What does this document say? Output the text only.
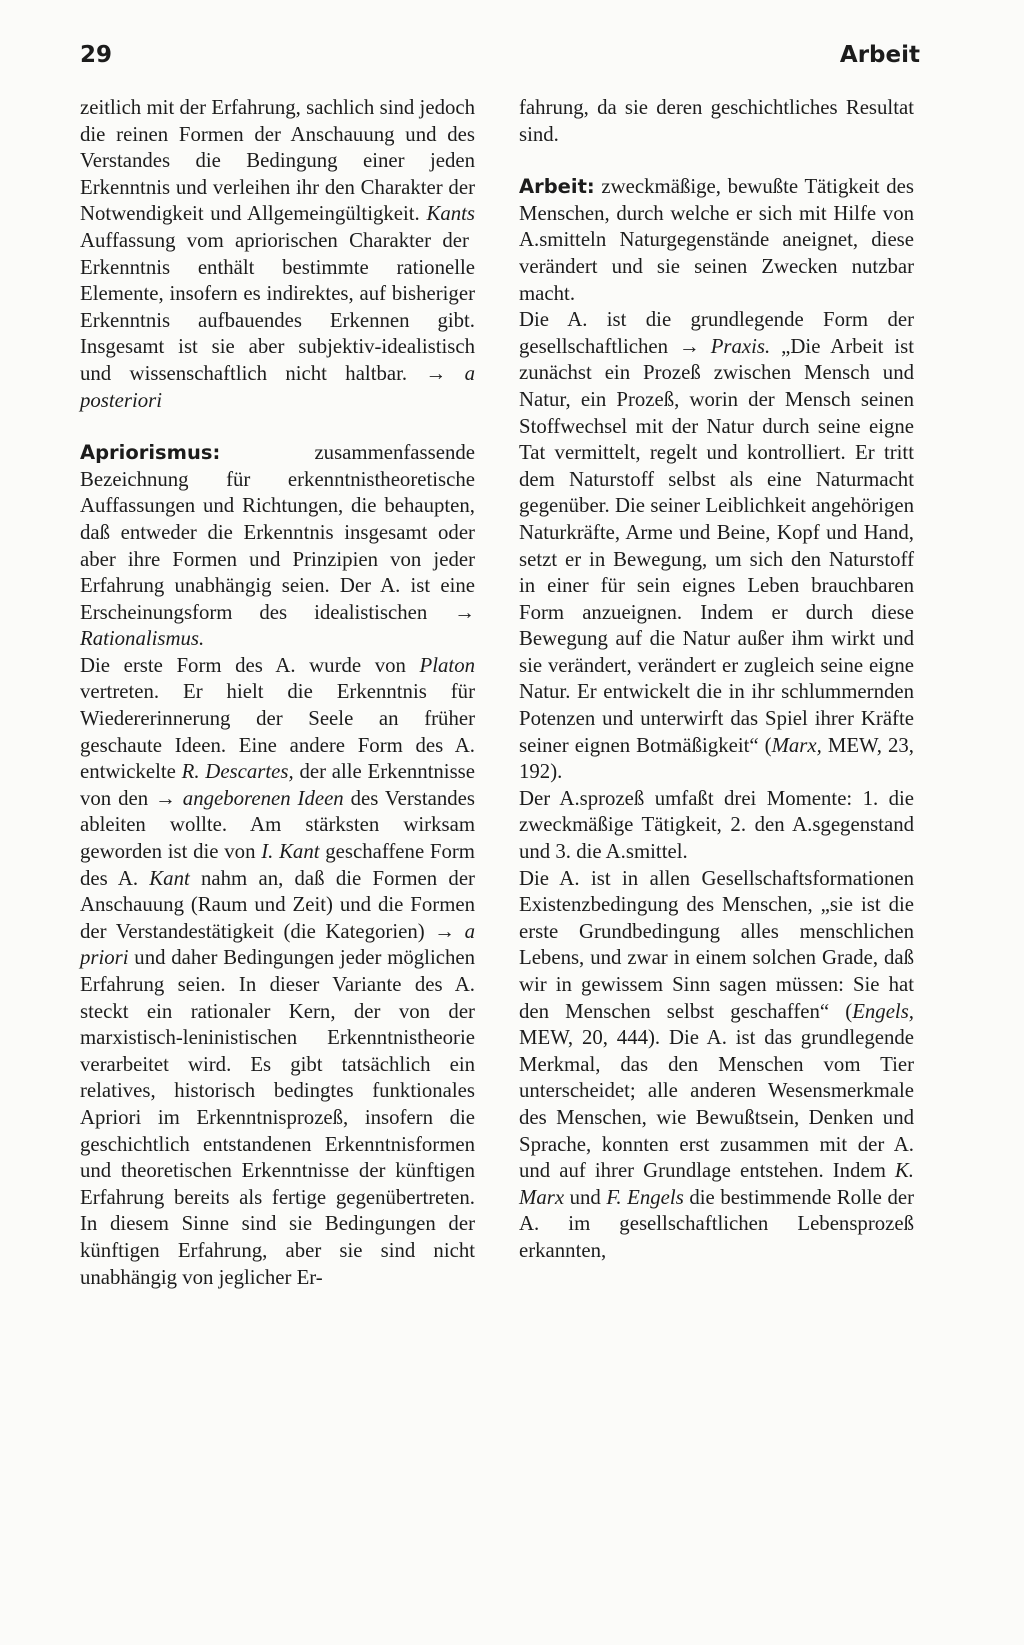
29	Arbeit

zeitlich mit der Erfahrung, sachlich sind jedoch die reinen Formen der Anschauung und des Verstandes die Bedingung einer jeden Erkenntnis und verleihen ihr den Charakter der Notwendigkeit und Allgemeingültigkeit. Kants Auffassung vom apriorischen Charakter der Erkenntnis enthält bestimmte rationelle Elemente, insofern es indirektes, auf bisheriger Erkenntnis aufbauendes Erkennen gibt. Insgesamt ist sie aber subjektiv-idealistisch und wissenschaftlich nicht haltbar. → a posteriori

Apriorismus: zusammenfassende Bezeichnung für erkenntnistheoretische Auffassungen und Richtungen, die behaupten, daß entweder die Erkenntnis insgesamt oder aber ihre Formen und Prinzipien von jeder Erfahrung unabhängig seien. Der A. ist eine Erscheinungsform des idealistischen → Rationalismus.

Die erste Form des A. wurde von Platon vertreten. Er hielt die Erkenntnis für Wiedererinnerung der Seele an früher geschaute Ideen. Eine andere Form des A. entwickelte R. Descartes, der alle Erkenntnisse von den → angeborenen Ideen des Verstandes ableiten wollte. Am stärksten wirksam geworden ist die von I. Kant geschaffene Form des A. Kant nahm an, daß die Formen der Anschauung (Raum und Zeit) und die Formen der Verstandestätigkeit (die Kategorien) → a priori und daher Bedingungen jeder möglichen Erfahrung seien. In dieser Variante des A. steckt ein rationaler Kern, der von der marxistisch-leninistischen Erkenntnistheorie verarbeitet wird. Es gibt tatsächlich ein relatives, historisch bedingtes funktionales Apriori im Erkenntnisprozeß, insofern die geschichtlich entstandenen Erkenntnisformen und theoretischen Erkenntnisse der künftigen Erfahrung bereits als fertige gegenübertreten. In diesem Sinne sind sie Bedingungen der künftigen Erfahrung, aber sie sind nicht unabhängig von jeglicher Er-

fahrung, da sie deren geschichtliches Resultat sind.

Arbeit: zweckmäßige, bewußte Tätigkeit des Menschen, durch welche er sich mit Hilfe von A.smitteln Naturgegenstände aneignet, diese verändert und sie seinen Zwecken nutzbar macht.

Die A. ist die grundlegende Form der gesellschaftlichen → Praxis. „Die Arbeit ist zunächst ein Prozeß zwischen Mensch und Natur, ein Prozeß, worin der Mensch seinen Stoffwechsel mit der Natur durch seine eigne Tat vermittelt, regelt und kontrolliert. Er tritt dem Naturstoff selbst als eine Naturmacht gegenüber. Die seiner Leiblichkeit angehörigen Naturkräfte, Arme und Beine, Kopf und Hand, setzt er in Bewegung, um sich den Naturstoff in einer für sein eignes Leben brauchbaren Form anzueignen. Indem er durch diese Bewegung auf die Natur außer ihm wirkt und sie verändert, verändert er zugleich seine eigne Natur. Er entwickelt die in ihr schlummernden Potenzen und unterwirft das Spiel ihrer Kräfte seiner eignen Botmäßigkeit“ (Marx, MEW, 23, 192).

Der A.sprozeß umfaßt drei Momente: 1. die zweckmäßige Tätigkeit, 2. den A.sgegenstand und 3. die A.smittel.

Die A. ist in allen Gesellschaftsformationen Existenzbedingung des Menschen, „sie ist die erste Grundbedingung alles menschlichen Lebens, und zwar in einem solchen Grade, daß wir in gewissem Sinn sagen müssen: Sie hat den Menschen selbst geschaffen“ (Engels, MEW, 20, 444). Die A. ist das grundlegende Merkmal, das den Menschen vom Tier unterscheidet; alle anderen Wesensmerkmale des Menschen, wie Bewußtsein, Denken und Sprache, konnten erst zusammen mit der A. und auf ihrer Grundlage entstehen. Indem K. Marx und F. Engels die bestimmende Rolle der A. im gesellschaftlichen Lebensprozeß erkannten,
